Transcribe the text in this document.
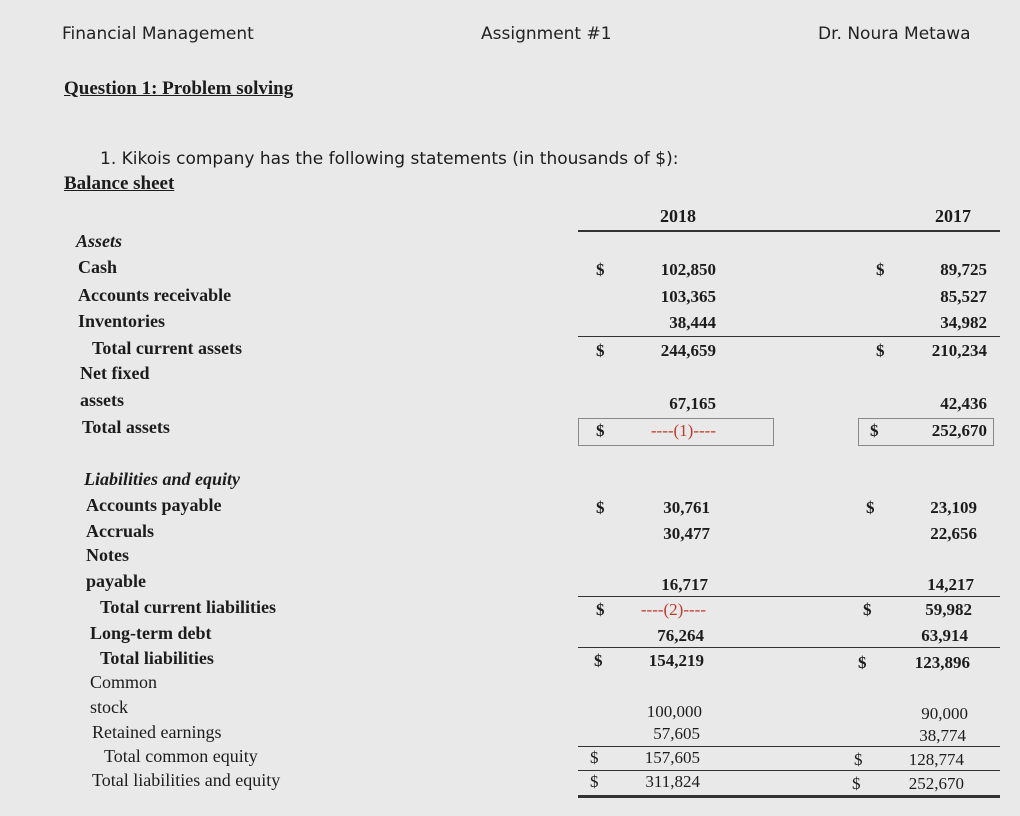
Financial Management	Assignment #1	Dr. Noura Metawa
Question 1: Problem solving
1. Kikois company has the following statements (in thousands of $):
Balance sheet
2018	2017
Assets
Cash	$	102,850	$	89,725
Accounts receivable	103,365	85,527
Inventories	38,444	34,982
Total current assets	$	244,659	$	210,234
Net fixed
assets	67,165	42,436
Total assets	$	----(1)----	$	252,670
Liabilities and equity
Accounts payable	$	30,761	$	23,109
Accruals	30,477	22,656
Notes
payable	16,717	14,217
Total current liabilities	$	----(2)----	$	59,982
Long-term debt	76,264	63,914
Total liabilities	$	154,219	$	123,896
Common
stock	100,000	90,000
Retained earnings	57,605	38,774
Total common equity	$	157,605	$	128,774
Total liabilities and equity	$	311,824	$	252,670
